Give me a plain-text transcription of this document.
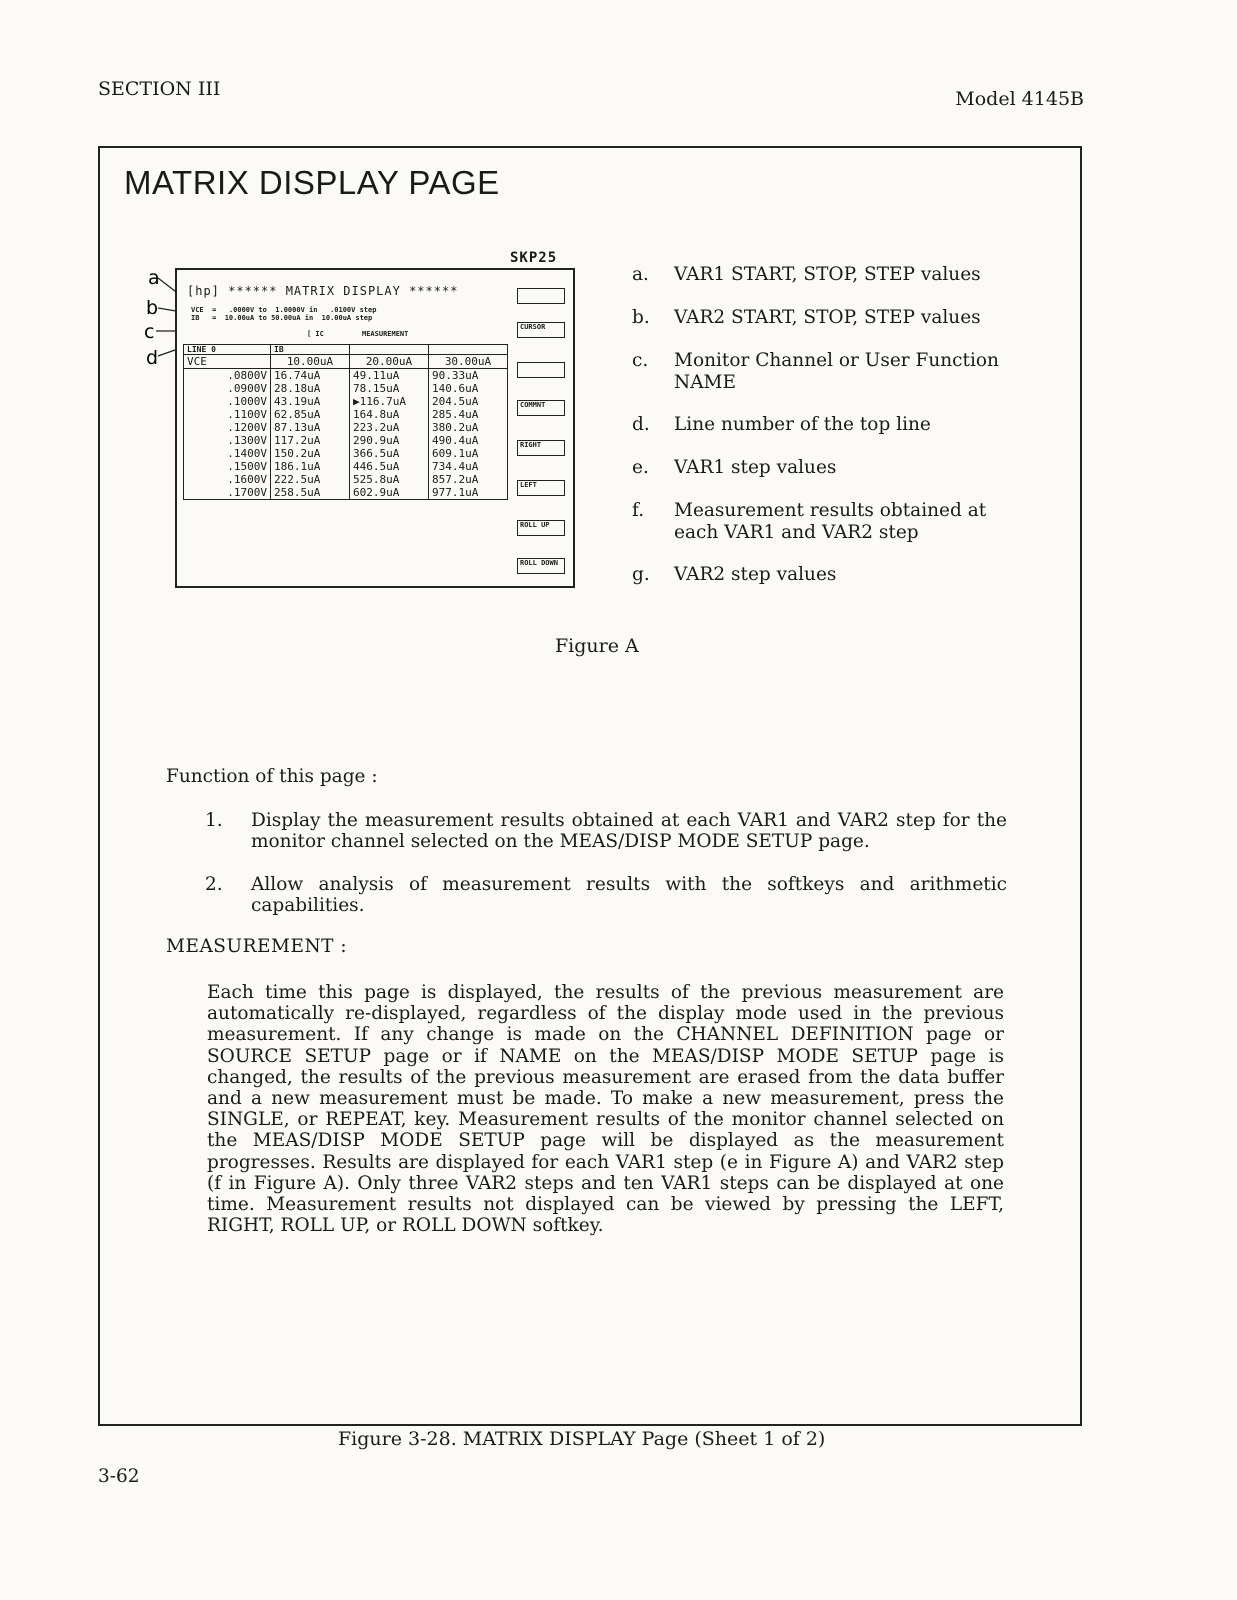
SECTION III	Model 4145B
MATRIX DISPLAY PAGE
SKP25
a
b
c
d
[hp] ****** MATRIX DISPLAY ******
VCE  =   .0000V to  1.0000V in   .0100V step
IB   =  10.00uA to 50.00uA in  10.00uA step
[ IC	MEASUREMENT
LINE 0	IB		
VCE	10.00uA	20.00uA	30.00uA
.0800V	16.74uA	49.11uA	90.33uA
.0900V	28.18uA	78.15uA	140.6uA
.1000V	43.19uA	▶116.7uA	204.5uA
.1100V	62.85uA	164.8uA	285.4uA
.1200V	87.13uA	223.2uA	380.2uA
.1300V	117.2uA	290.9uA	490.4uA
.1400V	150.2uA	366.5uA	609.1uA
.1500V	186.1uA	446.5uA	734.4uA
.1600V	222.5uA	525.8uA	857.2uA
.1700V	258.5uA	602.9uA	977.1uA
CURSOR
COMMNT
RIGHT
LEFT
ROLL UP
ROLL DOWN
a. VAR1 START, STOP, STEP values
b. VAR2 START, STOP, STEP values
c. Monitor Channel or User Function NAME
d. Line number of the top line
e. VAR1 step values
f. Measurement results obtained at each VAR1 and VAR2 step
g. VAR2 step values
Figure A
Function of this page :
1. Display the measurement results obtained at each VAR1 and VAR2 step for the monitor channel selected on the MEAS/DISP MODE SETUP page.
2. Allow analysis of measurement results with the softkeys and arithmetic capabilities.
MEASUREMENT :
Each time this page is displayed, the results of the previous measurement are automatically re-displayed, regardless of the display mode used in the previous measurement. If any change is made on the CHANNEL DEFINITION page or SOURCE SETUP page or if NAME on the MEAS/DISP MODE SETUP page is changed, the results of the previous measurement are erased from the data buffer and a new measurement must be made. To make a new measurement, press the SINGLE, or REPEAT, key. Measurement results of the monitor channel selected on the MEAS/DISP MODE SETUP page will be displayed as the measurement progresses. Results are displayed for each VAR1 step (e in Figure A) and VAR2 step (f in Figure A). Only three VAR2 steps and ten VAR1 steps can be displayed at one time. Measurement results not displayed can be viewed by pressing the LEFT, RIGHT, ROLL UP, or ROLL DOWN softkey.
Figure 3-28. MATRIX DISPLAY Page (Sheet 1 of 2)
3-62
